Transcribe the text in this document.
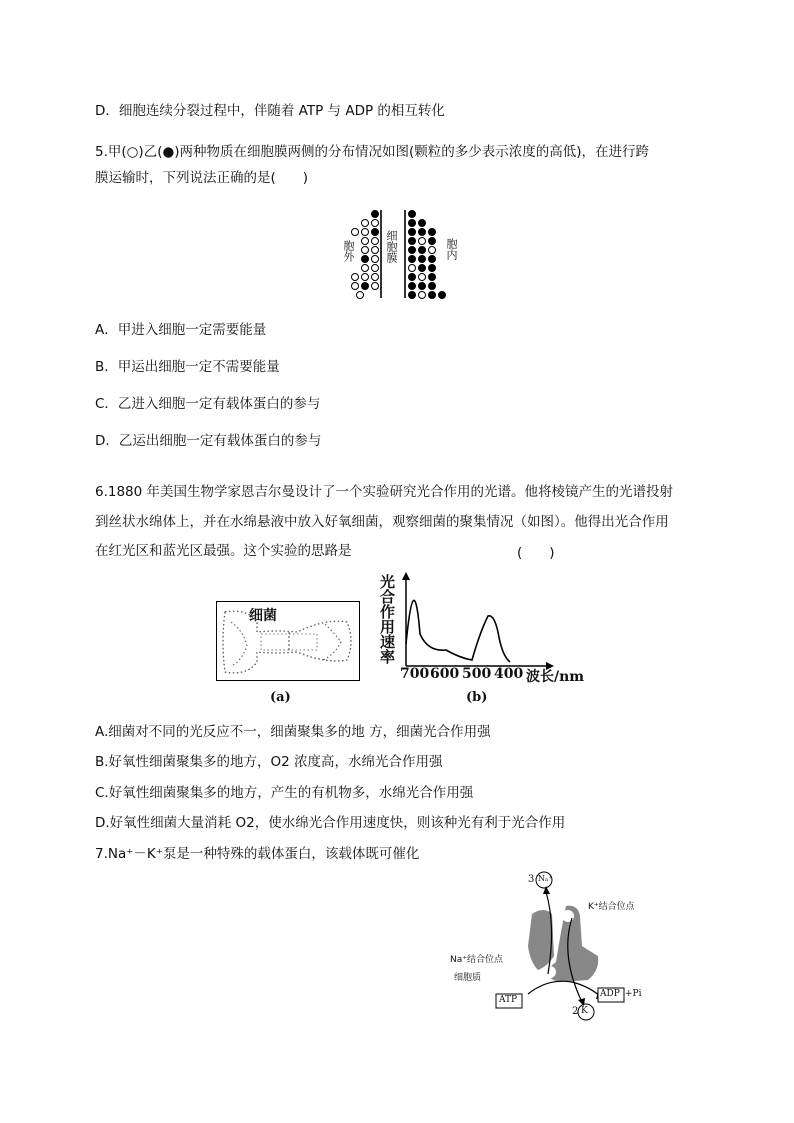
D．细胞连续分裂过程中，伴随着 ATP 与 ADP 的相互转化
5.甲(○)乙(●)两种物质在细胞膜两侧的分布情况如图(颗粒的多少表示浓度的高低)，在进行跨
膜运输时，下列说法正确的是(　　)
胞外	细胞膜	胞内
A．甲进入细胞一定需要能量
B．甲运出细胞一定不需要能量
C．乙进入细胞一定有载体蛋白的参与
D．乙运出细胞一定有载体蛋白的参与
6.1880 年美国生物学家恩吉尔曼设计了一个实验研究光合作用的光谱。他将棱镜产生的光谱投射
到丝状水绵体上，并在水绵悬液中放入好氧细菌，观察细菌的聚集情况（如图）。他得出光合作用
在红光区和蓝光区最强。这个实验的思路是	(　　)
细菌
(a)
光合作用速率
700 600 500 400 波长/nm
(b)
A.细菌对不同的光反应不一，细菌聚集多的地 方，细菌光合作用强
B.好氧性细菌聚集多的地方，O2 浓度高，水绵光合作用强
C.好氧性细菌聚集多的地方，产生的有机物多，水绵光合作用强
D.好氧性细菌大量消耗 O2，使水绵光合作用速度快，则该种光有利于光合作用
7.Na⁺－K⁺泵是一种特殊的载体蛋白，该载体既可催化
3 Nₐ⁺
K⁺结合位点
Na⁺结合位点
细胞质
ATP
ADP +Pi
2 K
